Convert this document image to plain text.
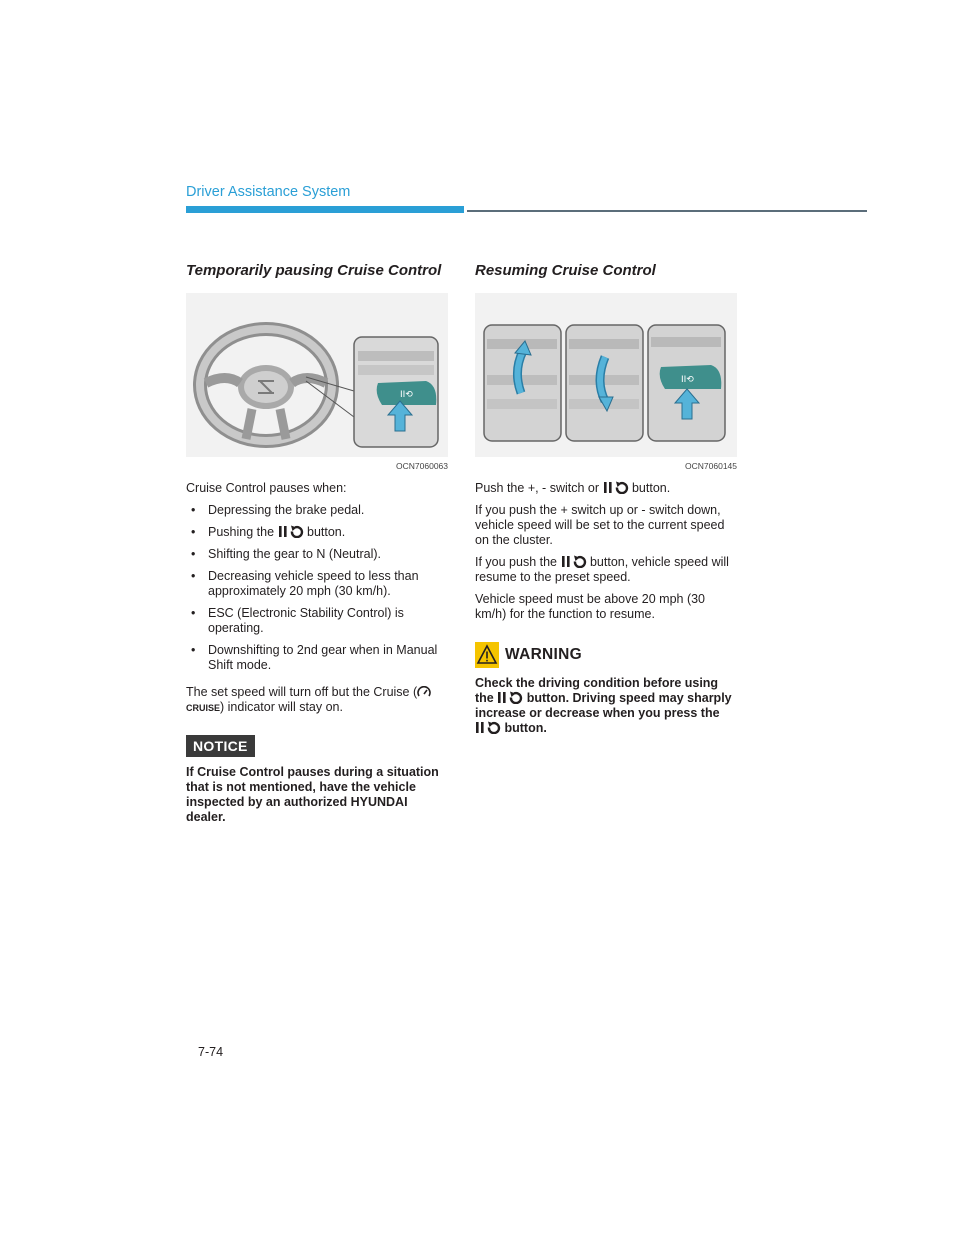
Driver Assistance System
Temporarily pausing Cruise Control
II⟲
OCN7060063

Cruise Control pauses when:

• Depressing the brake pedal.
• Pushing the	button.
• Shifting the gear to N (Neutral).
• Decreasing vehicle speed to less than approximately 20 mph (30 km/h).
• ESC (Electronic Stability Control) is operating.
• Downshifting to 2nd gear when in Manual Shift mode.

The set speed will turn off but the Cruise (CRUISE) indicator will stay on.

NOTICE
If Cruise Control pauses during a situation that is not mentioned, have the vehicle inspected by an authorized HYUNDAI dealer.
Resuming Cruise Control
II⟲
OCN7060145

Push the +, - switch or	button.

If you push the + switch up or - switch down, vehicle speed will be set to the current speed on the cluster.

If you push the	button, vehicle speed will resume to the preset speed.

Vehicle speed must be above 20 mph (30 km/h) for the function to resume.

WARNING
Check the driving condition before using the	button. Driving speed may sharply increase or decrease when you press the  button.
7-74
